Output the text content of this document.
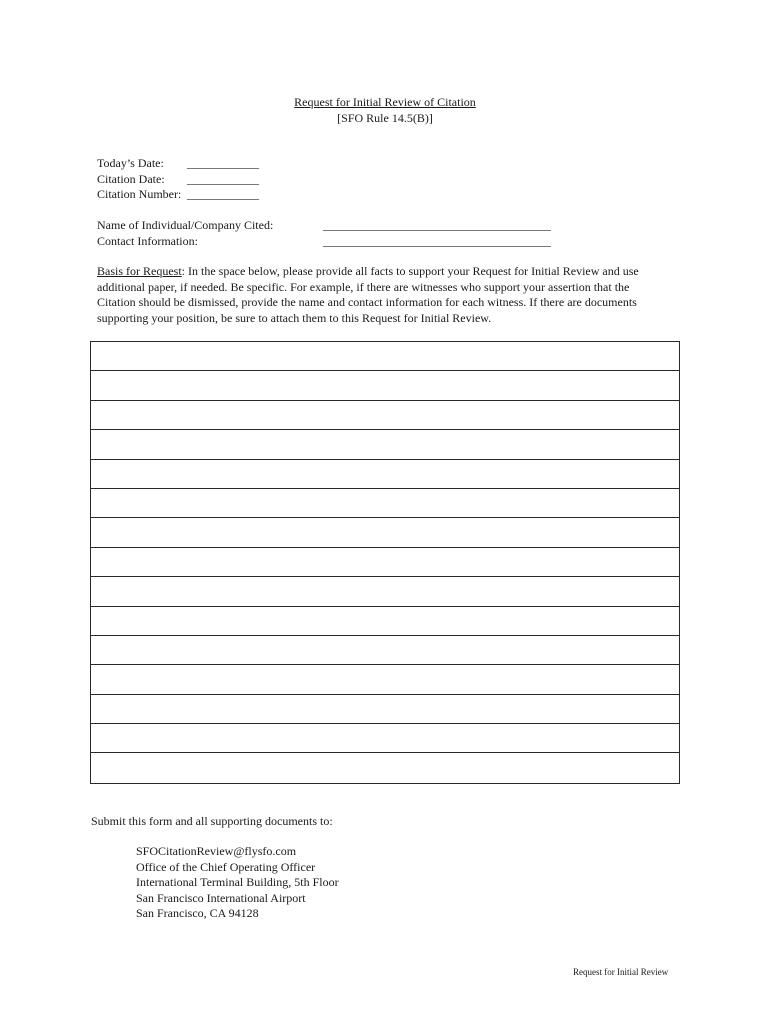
Request for Initial Review of Citation
[SFO Rule 14.5(B)]
Today’s Date:	____________
Citation Date:	____________
Citation Number: ____________
Name of Individual/Company Cited:	______________________________________
Contact Information:	______________________________________
Basis for Request: In the space below, please provide all facts to support your Request for Initial Review and use
additional paper, if needed. Be specific. For example, if there are witnesses who support your assertion that the
Citation should be dismissed, provide the name and contact information for each witness. If there are documents
supporting your position, be sure to attach them to this Request for Initial Review.
Submit this form and all supporting documents to:
SFOCitationReview@flysfo.com
Office of the Chief Operating Officer
International Terminal Building, 5th Floor
San Francisco International Airport
San Francisco, CA 94128
Request for Initial Review
